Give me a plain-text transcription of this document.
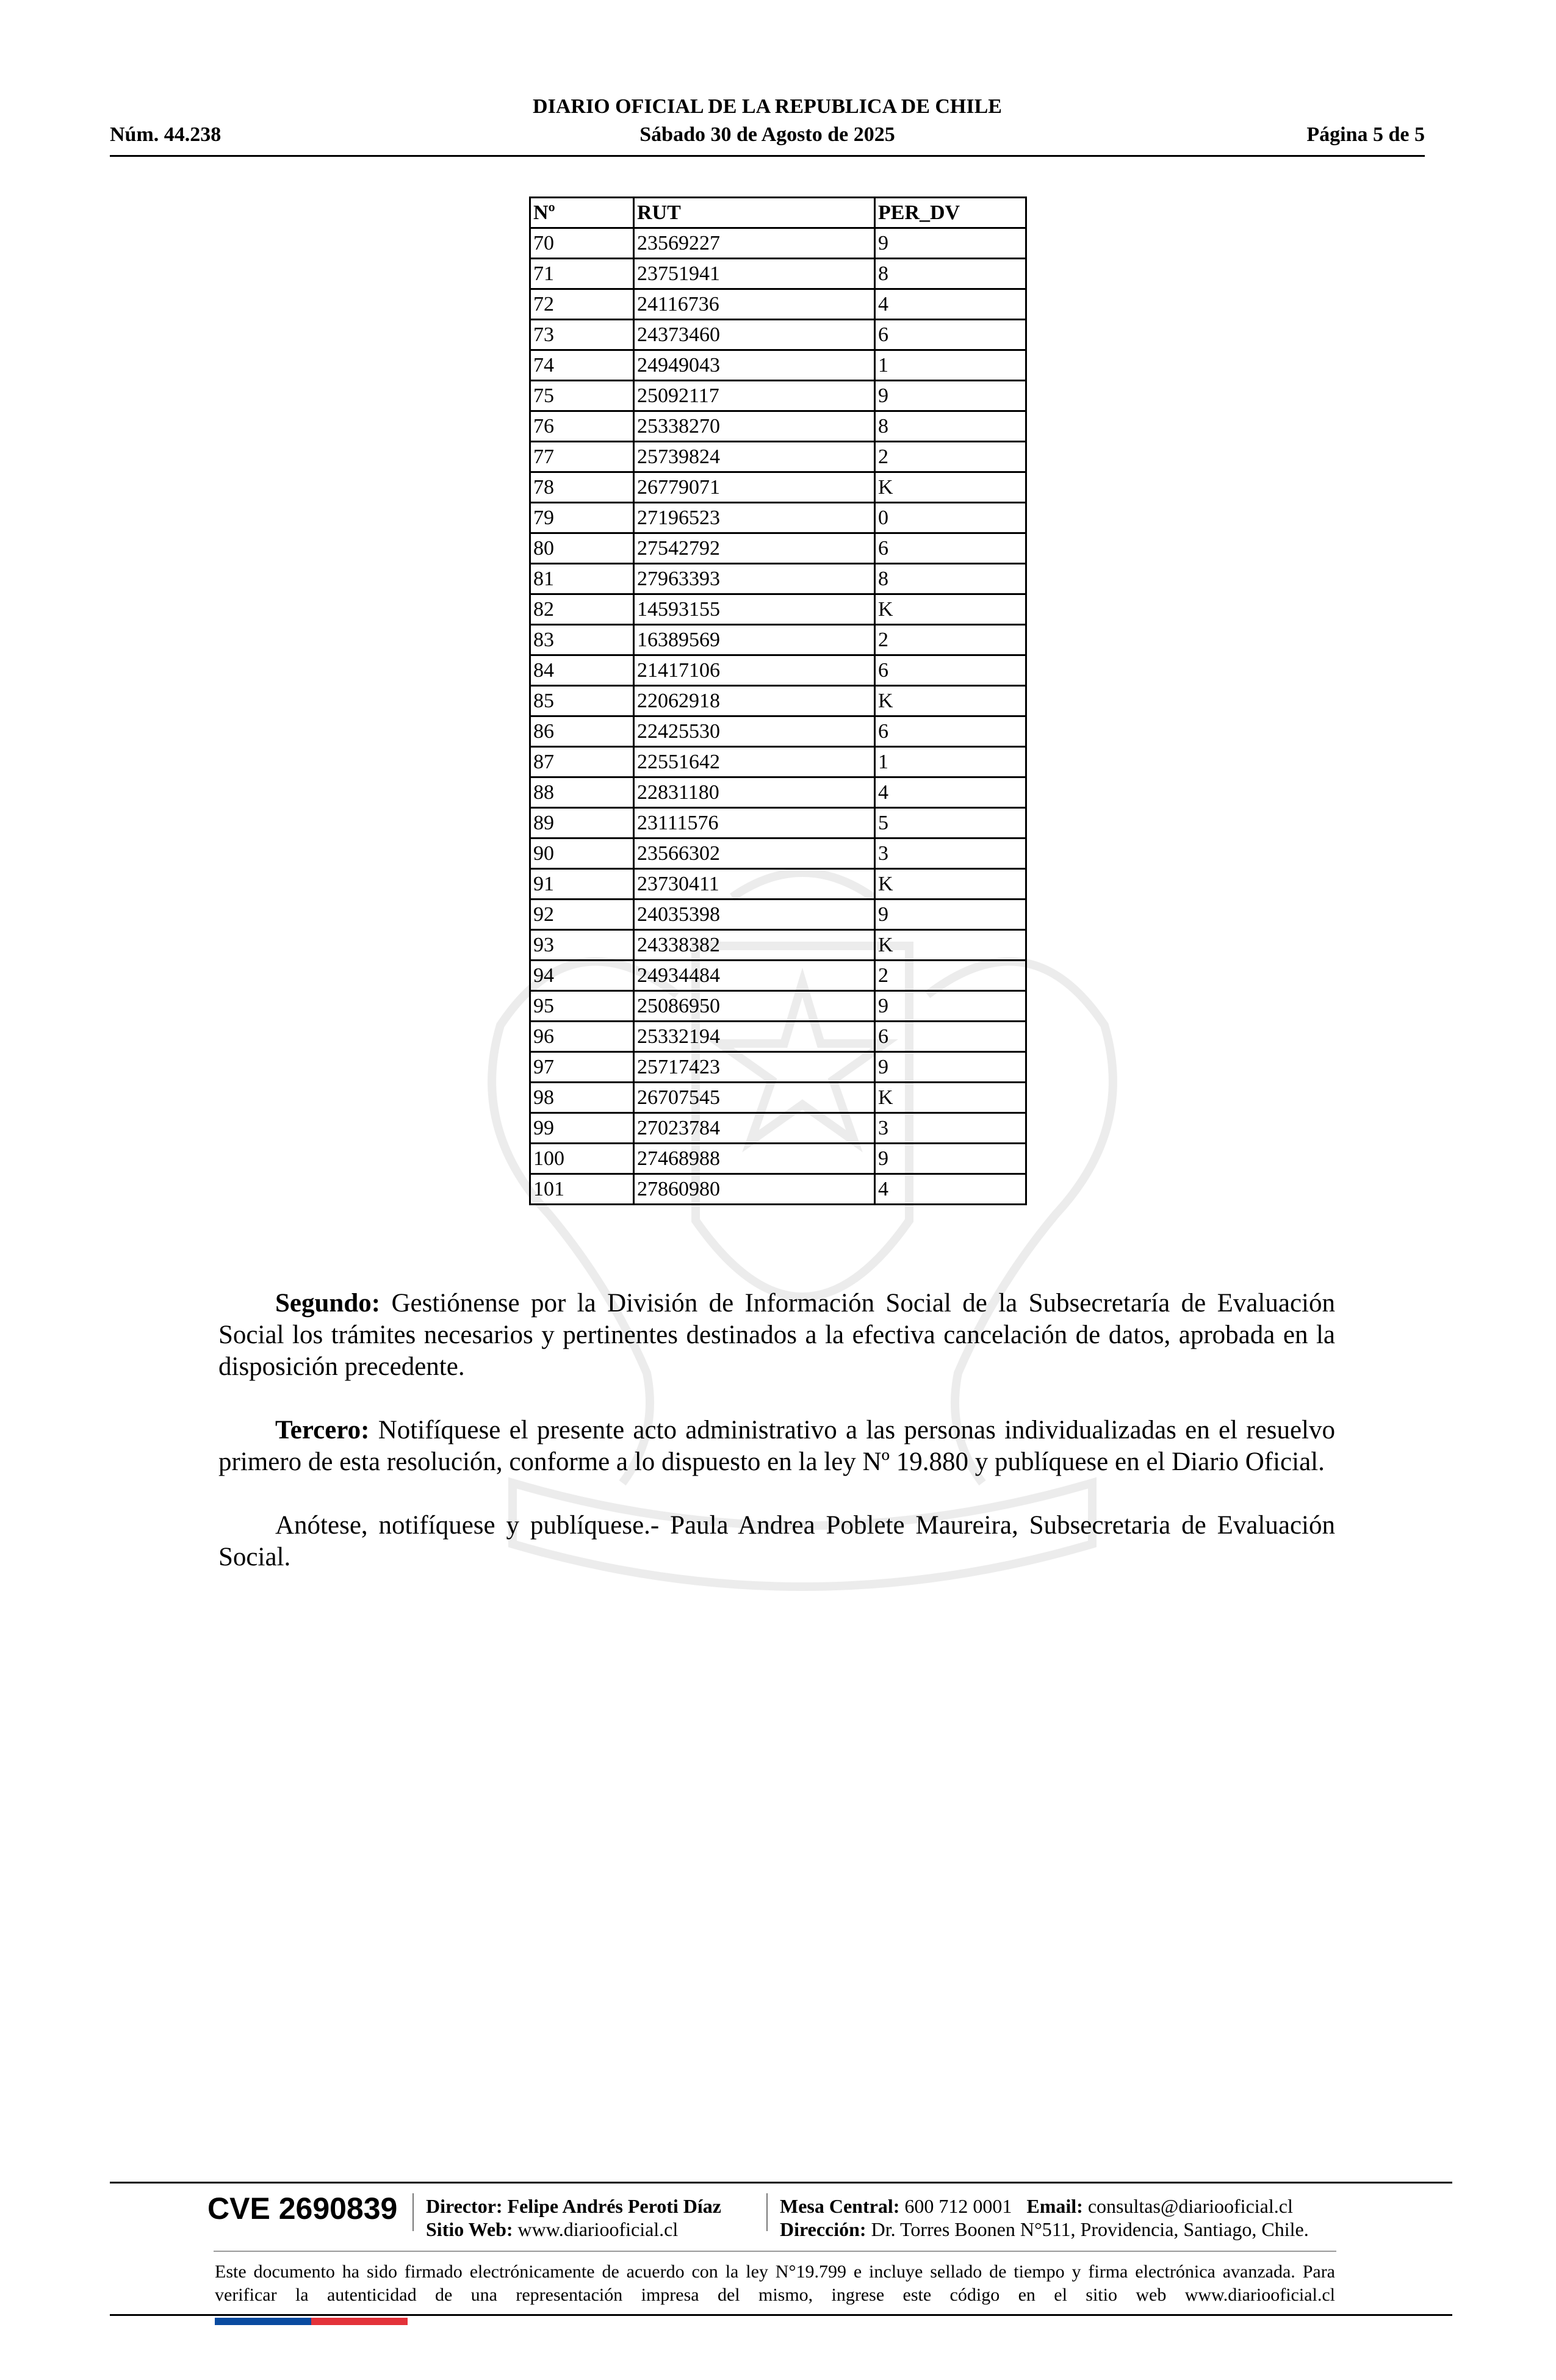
Núm. 44.238
DIARIO OFICIAL DE LA REPUBLICA DE CHILE
Sábado 30 de Agosto de 2025	Página 5 de 5
Nº	RUT	PER_DV
70	23569227	9
71	23751941	8
72	24116736	4
73	24373460	6
74	24949043	1
75	25092117	9
76	25338270	8
77	25739824	2
78	26779071	K
79	27196523	0
80	27542792	6
81	27963393	8
82	14593155	K
83	16389569	2
84	21417106	6
85	22062918	K
86	22425530	6
87	22551642	1
88	22831180	4
89	23111576	5
90	23566302	3
91	23730411	K
92	24035398	9
93	24338382	K
94	24934484	2
95	25086950	9
96	25332194	6
97	25717423	9
98	26707545	K
99	27023784	3
100	27468988	9
101	27860980	4

Segundo: Gestiónense por la División de Información Social de la Subsecretaría de Evaluación Social los trámites necesarios y pertinentes destinados a la efectiva cancelación de datos, aprobada en la disposición precedente.

Tercero: Notifíquese el presente acto administrativo a las personas individualizadas en el resuelvo primero de esta resolución, conforme a lo dispuesto en la ley Nº 19.880 y publíquese en el Diario Oficial.

Anótese, notifíquese y publíquese.- Paula Andrea Poblete Maureira, Subsecretaria de Evaluación Social.

CVE 2690839 Director: Felipe Andrés Peroti Díaz
Sitio Web: www.diariooficial.cl
Mesa Central: 600 712 0001 Email: consultas@diariooficial.cl
Dirección: Dr. Torres Boonen N°511, Providencia, Santiago, Chile.
Este documento ha sido firmado electrónicamente de acuerdo con la ley N°19.799 e incluye sellado de tiempo y firma electrónica avanzada. Para verificar la autenticidad de una representación impresa del mismo, ingrese este código en el sitio web www.diariooficial.cl
